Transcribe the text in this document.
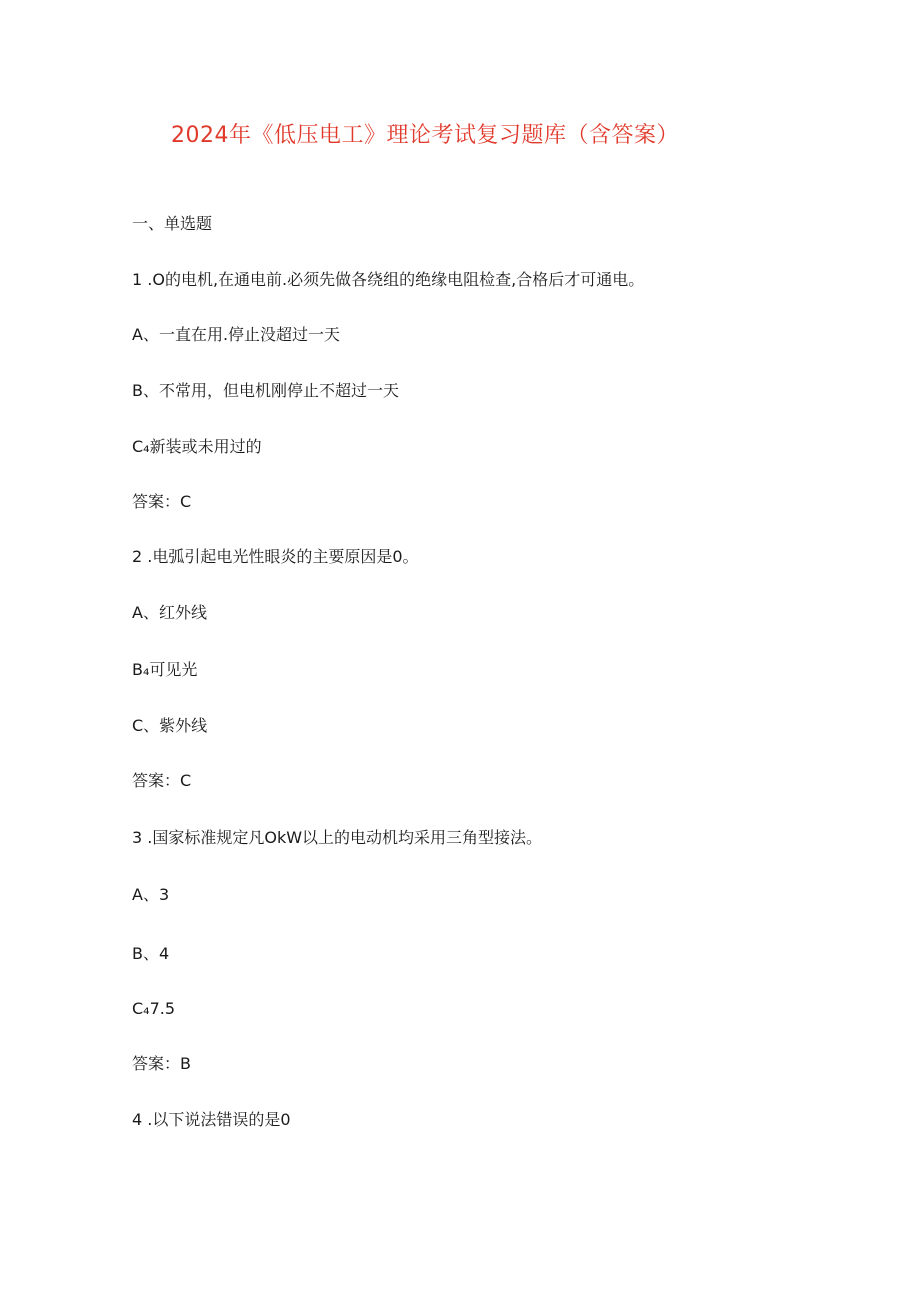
2024年《低压电工》理论考试复习题库（含答案）
一、单选题
1 .O的电机,在通电前.必须先做各绕组的绝缘电阻检查,合格后才可通电。
A、一直在用.停止没超过一天
B、不常用，但电机刚停止不超过一天
C₄新装或未用过的
答案：C
2 .电弧引起电光性眼炎的主要原因是0。
A、红外线
B₄可见光
C、紫外线
答案：C
3 .国家标准规定凡OkW以上的电动机均采用三角型接法。
A、3
B、4
C₄7.5
答案：B
4 .以下说法错误的是0
